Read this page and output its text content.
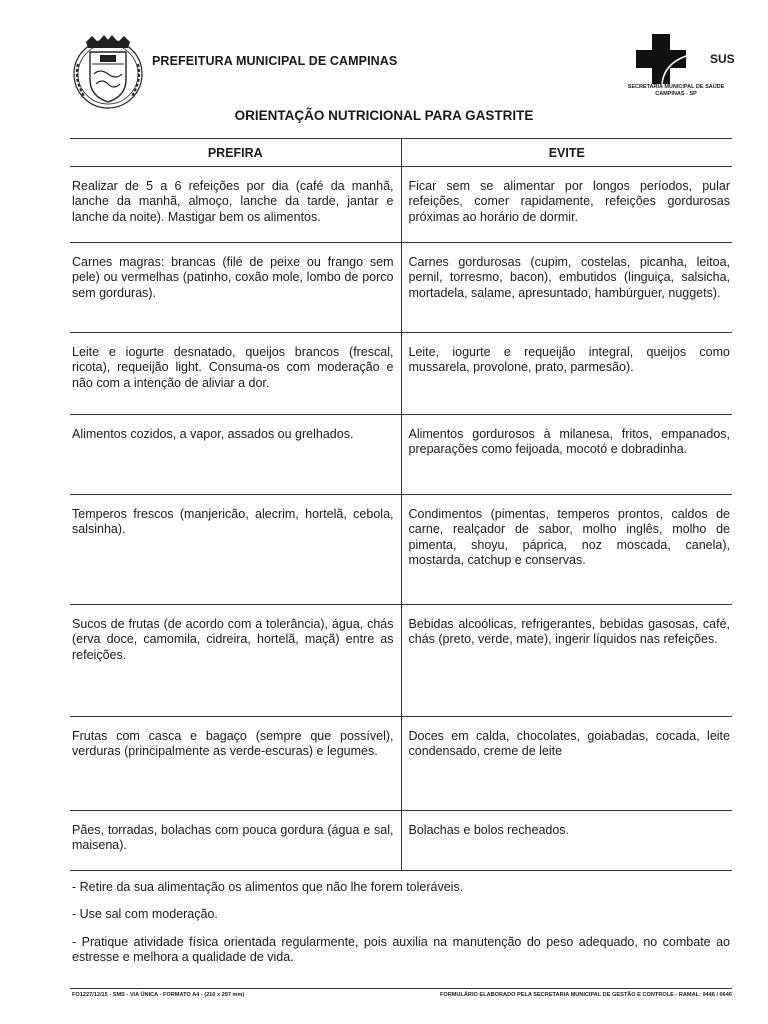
PREFEITURA MUNICIPAL DE CAMPINAS	SUS
SECRETARIA MUNICIPAL DE SAÚDE
CAMPINAS - SP
ORIENTAÇÃO NUTRICIONAL PARA GASTRITE
PREFIRA	EVITE
Realizar de 5 a 6 refeições por dia (café da manhã, lanche da manhã, almoço, lanche da tarde, jantar e lanche da noite). Mastigar bem os alimentos.	Ficar sem se alimentar por longos períodos, pular refeições, comer rapidamente, refeições gordurosas próximas ao horário de dormir.
Carnes magras: brancas (filé de peixe ou frango sem pele) ou vermelhas (patinho, coxão mole, lombo de porco sem gorduras).	Carnes gordurosas (cupim, costelas, picanha, leitoa, pernil, torresmo, bacon), embutidos (linguiça, salsicha, mortadela, salame, apresuntado, hambúrguer, nuggets).
Leite e iogurte desnatado, queijos brancos (frescal, ricota), requeijão light. Consuma-os com moderação e não com a intenção de aliviar a dor.	Leite, iogurte e requeijão integral, queijos como mussarela, provolone, prato, parmesão).
Alimentos cozidos, a vapor, assados ou grelhados.	Alimentos gordurosos à milanesa, fritos, empanados, preparações como feijoada, mocotó e dobradinha.
Temperos frescos (manjericão, alecrim, hortelã, cebola, salsinha).	Condimentos (pimentas, temperos prontos, caldos de carne, realçador de sabor, molho inglês, molho de pimenta, shoyu, páprica, noz moscada, canela), mostarda, catchup e conservas.
Sucos de frutas (de acordo com a tolerância), água, chás (erva doce, camomila, cidreira, hortelã, maçã) entre as refeições.	Bebidas alcoólicas, refrigerantes, bebidas gasosas, café, chás (preto, verde, mate), ingerir líquidos nas refeições.
Frutas com casca e bagaço (sempre que possível), verduras (principalmente as verde-escuras) e legumes.	Doces em calda, chocolates, goiabadas, cocada, leite condensado, creme de leite
Pães, torradas, bolachas com pouca gordura (água e sal, maisena).	Bolachas e bolos recheados.

- Retire da sua alimentação os alimentos que não lhe forem toleráveis.

- Use sal com moderação.

- Pratique atividade física orientada regularmente, pois auxilia na manutenção do peso adequado, no combate ao estresse e melhora a qualidade de vida.

FO1227/12/15 - SMS - VIA ÚNICA - FORMATO A4 - (210 x 297 mm)	FORMULÁRIO ELABORADO PELA SECRETARIA MUNICIPAL DE GESTÃO E CONTROLE - RAMAL: 0446 / 0646
